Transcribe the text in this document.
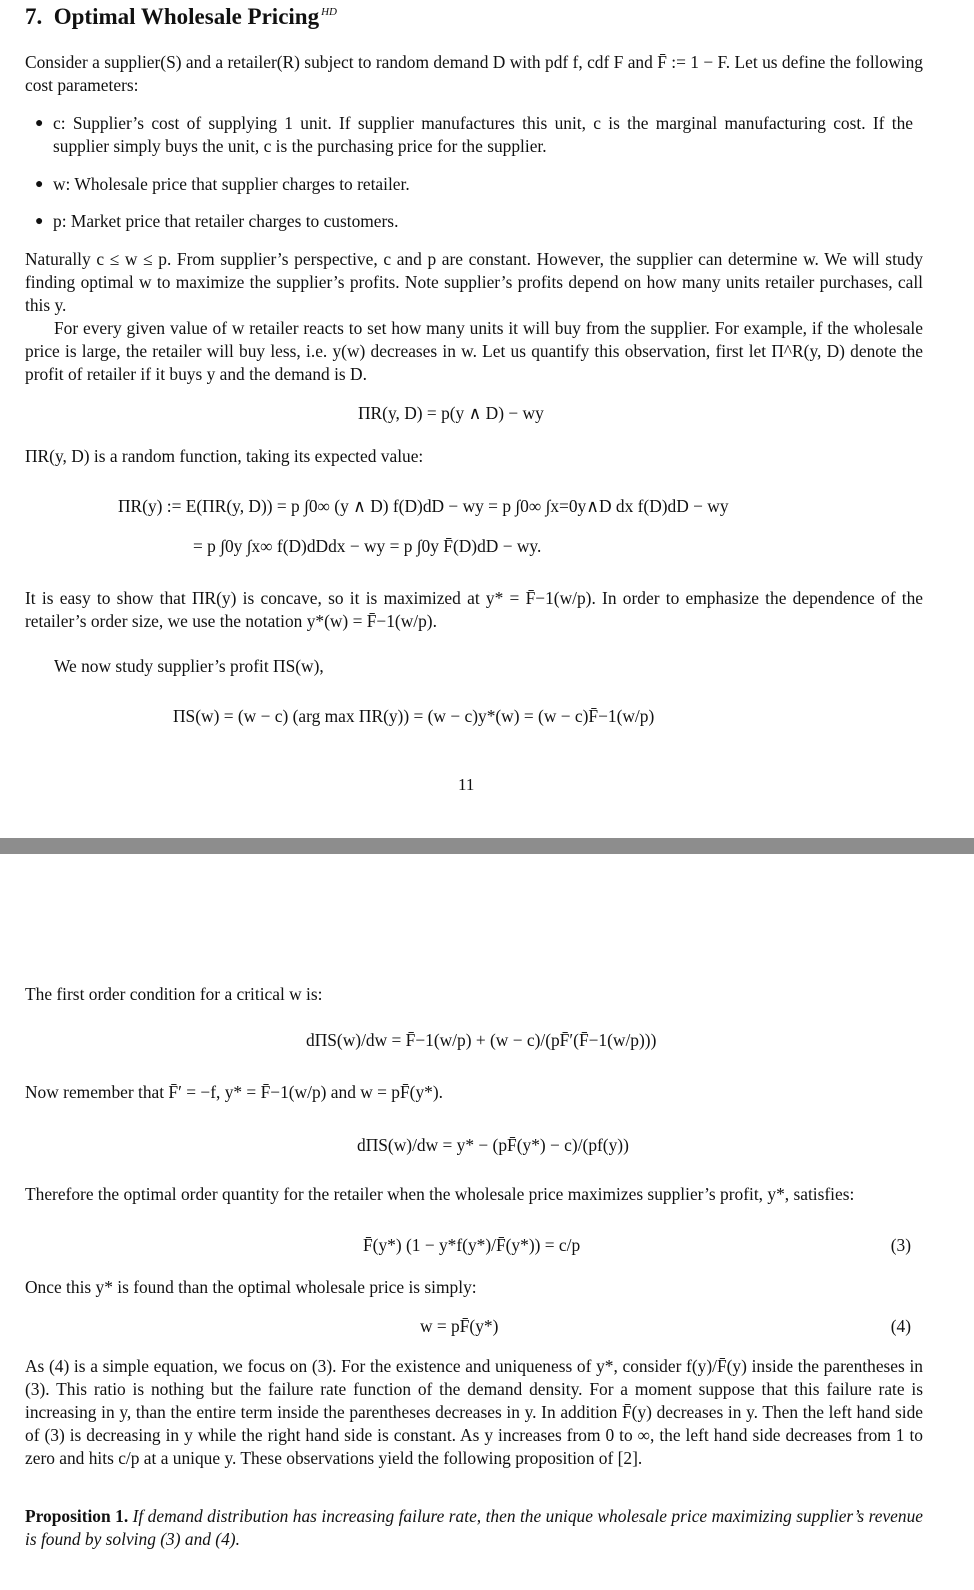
7. Optimal Wholesale Pricing $^{HD}$

Consider a supplier(S) and a retailer(R) subject to random demand D with pdf f, cdf F and F̄ := 1 − F. Let us define the following cost parameters:

● c: Supplier’s cost of supplying 1 unit. If supplier manufactures this unit, c is the marginal manufacturing cost. If the supplier simply buys the unit, c is the purchasing price for the supplier.

● w: Wholesale price that supplier charges to retailer.

● p: Market price that retailer charges to customers.

Naturally c ≤ w ≤ p. From supplier’s perspective, c and p are constant. However, the supplier can determine w. We will study finding optimal w to maximize the supplier’s profits. Note supplier’s profits depend on how many units retailer purchases, call this y.

For every given value of w retailer reacts to set how many units it will buy from the supplier. For example, if the wholesale price is large, the retailer will buy less, i.e. y(w) decreases in w. Let us quantify this observation, first let Π^R(y, D) denote the profit of retailer if it buys y and the demand is D.

ΠR(y, D) = p(y ∧ D) − wy

ΠR(y, D) is a random function, taking its expected value:

ΠR(y) := E(ΠR(y, D)) = p ∫0∞ (y ∧ D) f(D)dD − wy = p ∫0∞ ∫x=0y∧D dx f(D)dD − wy
= p ∫0y ∫x∞ f(D)dDdx − wy = p ∫0y F̄(D)dD − wy.

It is easy to show that ΠR(y) is concave, so it is maximized at y* = F̄−1(w/p). In order to emphasize the dependence of the retailer’s order size, we use the notation y*(w) = F̄−1(w/p).

We now study supplier’s profit ΠS(w),

ΠS(w) = (w − c) (arg max ΠR(y)) = (w − c)y*(w) = (w − c)F̄−1(w/p)
11

The first order condition for a critical w is:

dΠS(w)/dw = F̄−1(w/p) + (w − c)/(pF̄′(F̄−1(w/p)))

Now remember that F̄′ = −f, y* = F̄−1(w/p) and w = pF̄(y*).

dΠS(w)/dw = y* − (pF̄(y*) − c)/(pf(y))

Therefore the optimal order quantity for the retailer when the wholesale price maximizes supplier’s profit, y*, satisfies:

F̄(y*) (1 − y*f(y*)/F̄(y*)) = c/p	(3)

Once this y* is found than the optimal wholesale price is simply:

w = pF̄(y*)	(4)

As (4) is a simple equation, we focus on (3). For the existence and uniqueness of y*, consider f(y)/F̄(y) inside the parentheses in (3). This ratio is nothing but the failure rate function of the demand density. For a moment suppose that this failure rate is increasing in y, than the entire term inside the parentheses decreases in y. In addition F̄(y) decreases in y. Then the left hand side of (3) is decreasing in y while the right hand side is constant. As y increases from 0 to ∞, the left hand side decreases from 1 to zero and hits c/p at a unique y. These observations yield the following proposition of [2].

Proposition 1. If demand distribution has increasing failure rate, then the unique wholesale price maximizing supplier’s revenue is found by solving (3) and (4).
